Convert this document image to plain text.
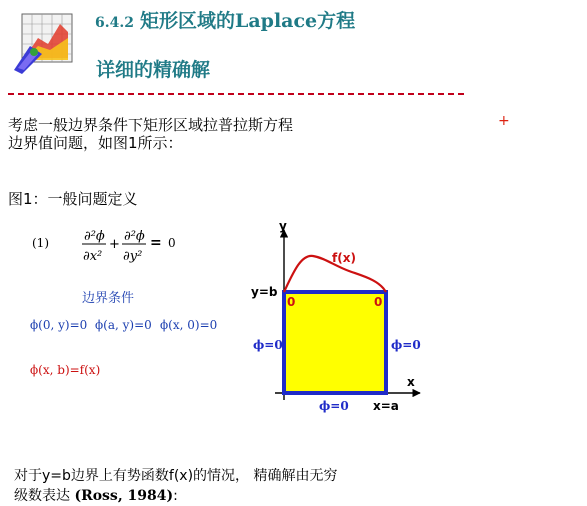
6.4.2 矩形区域的Laplace方程
详细的精确解
+
考虑一般边界条件下矩形区域拉普拉斯方程
边界值问题，如图1所示：
图1：一般问题定义
(1)	∂²ϕ
∂x²
+
∂²ϕ
∂y²
= 0
边界条件
ϕ(0, y)=0 ϕ(a, y)=0 ϕ(x, 0)=0
ϕ(x, b)=f(x)
y
x
y=b
x=a
f(x)
0	0
ϕ=0	ϕ=0
ϕ=0
对于y=b边界上有势函数f(x)的情况， 精确解由无穷
级数表达 (Ross, 1984):
